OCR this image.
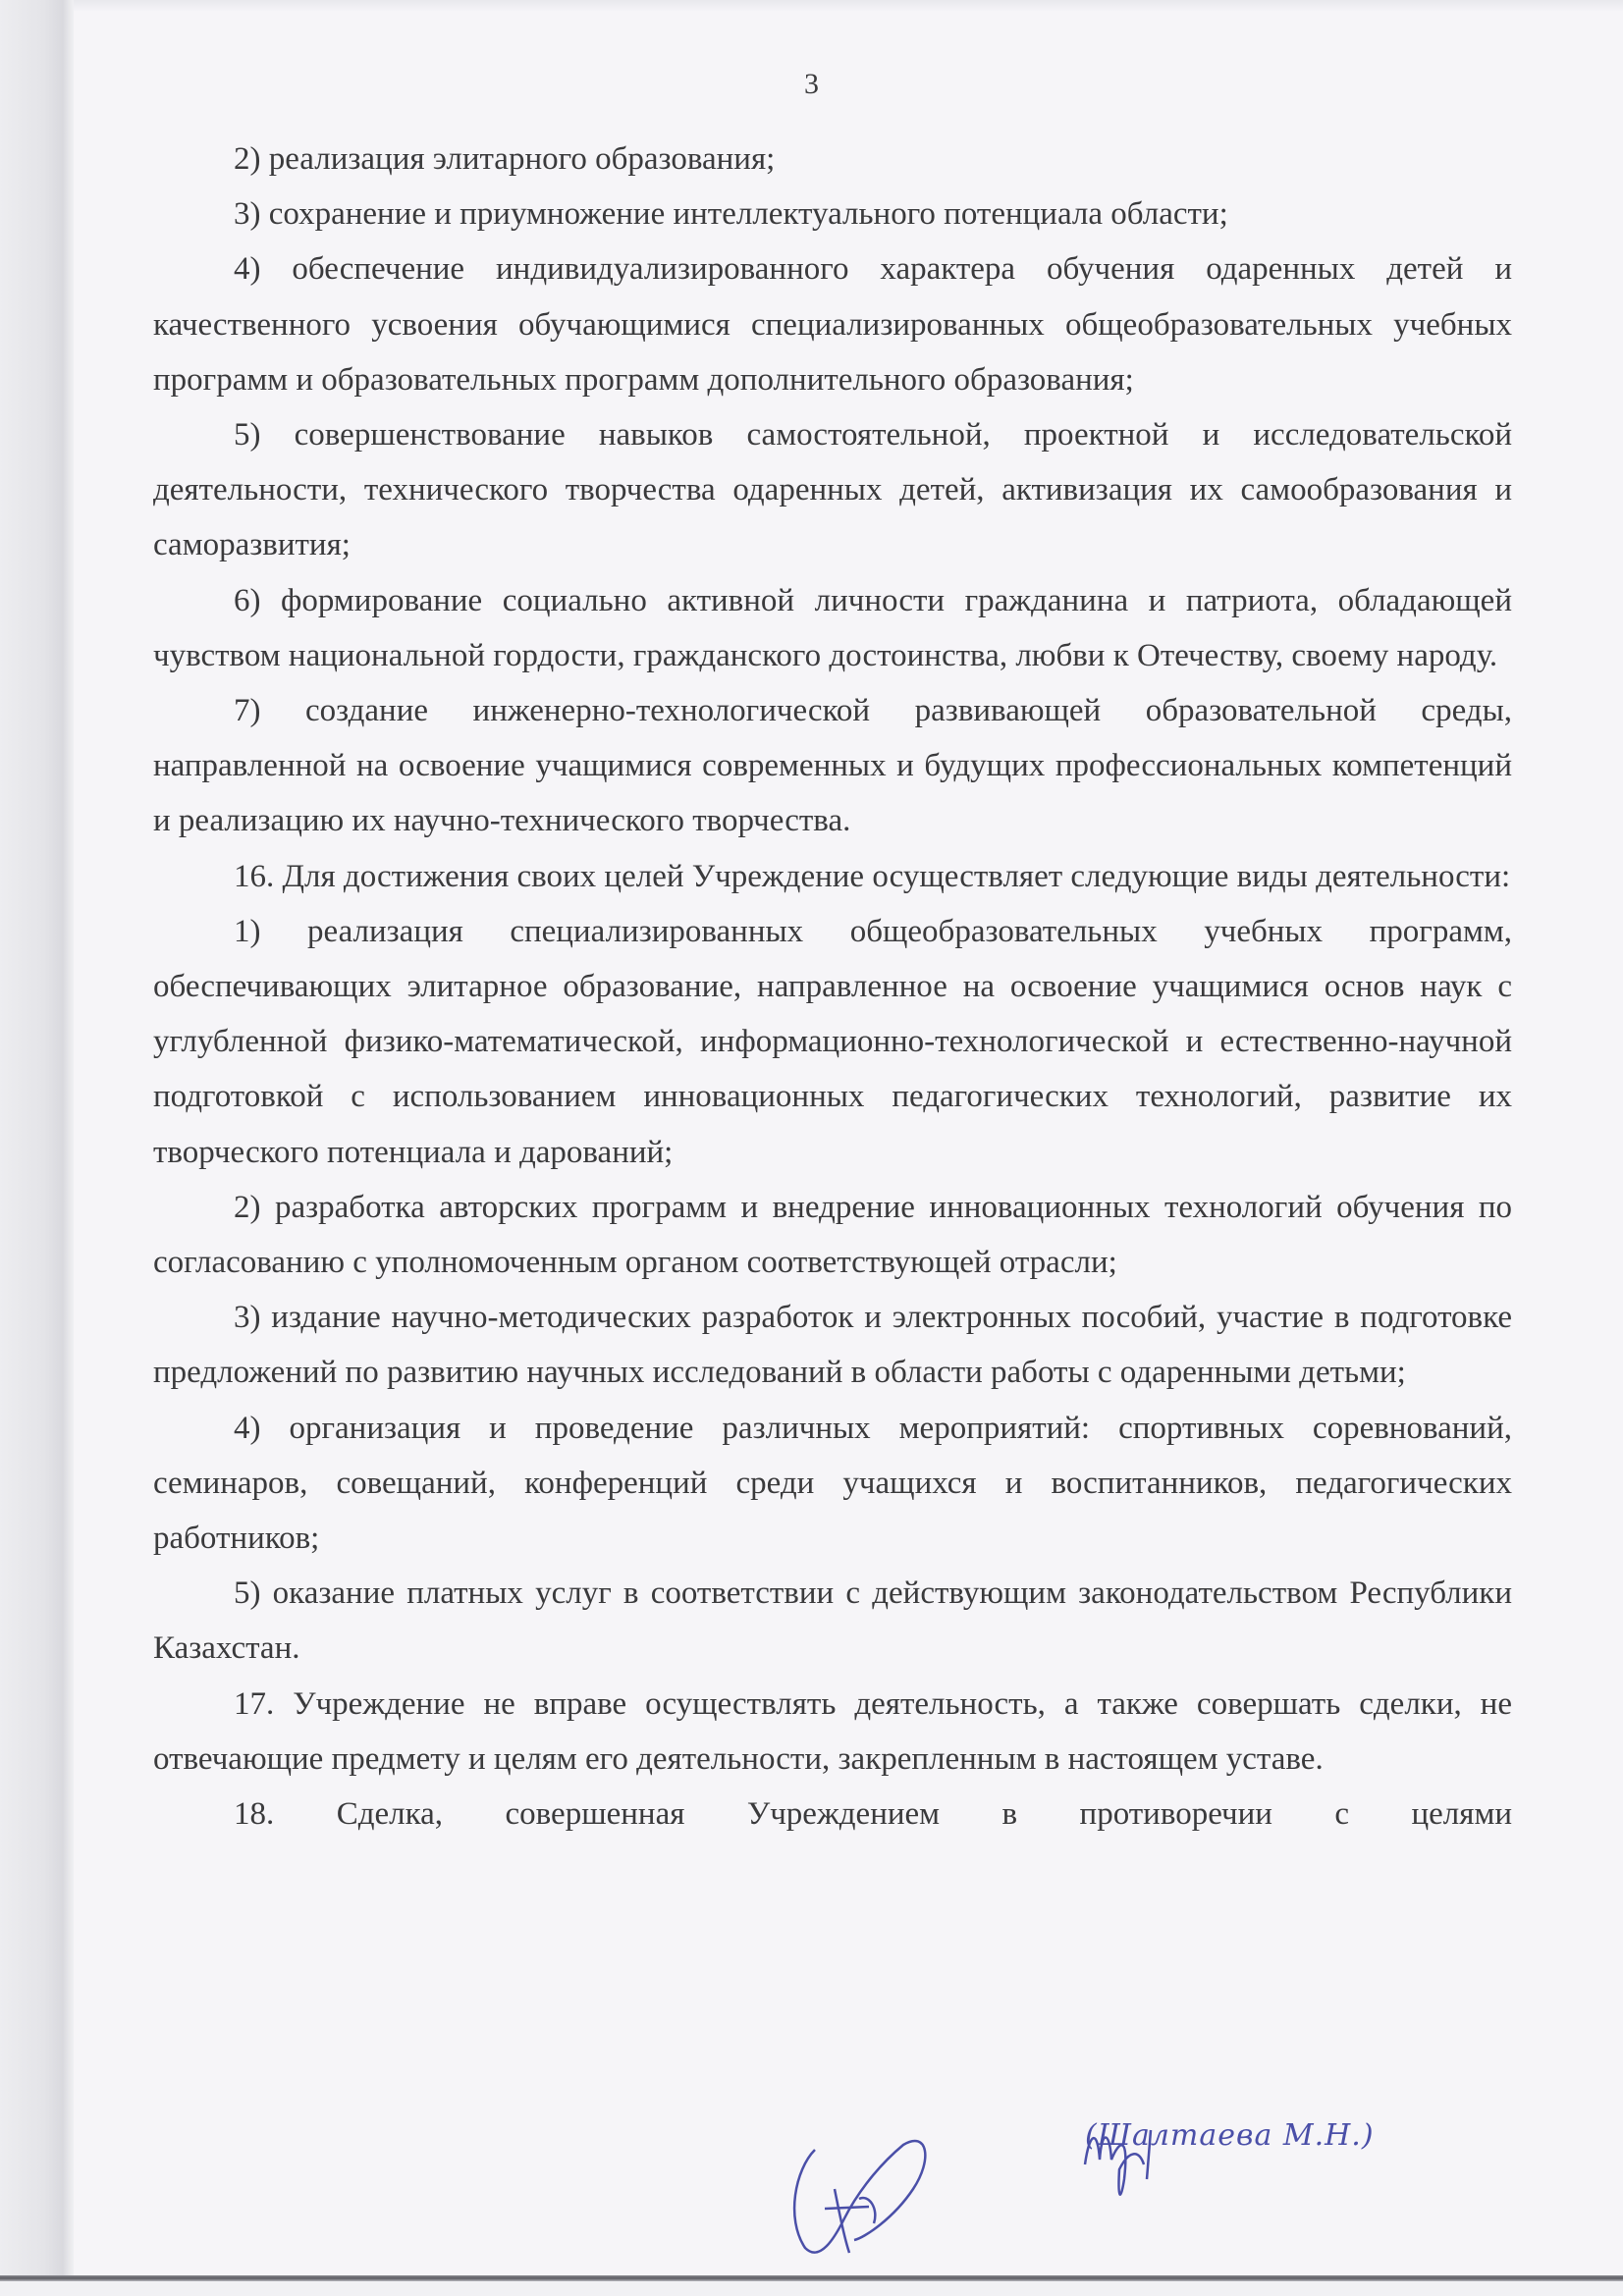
3

2) реализация элитарного образования;

3) сохранение и приумножение интеллектуального потенциала области;

4) обеспечение индивидуализированного характера обучения одаренных детей и качественного усвоения обучающимися специализированных общеобразовательных учебных программ и образовательных программ дополнительного образования;

5) совершенствование навыков самостоятельной, проектной и исследовательской деятельности, технического творчества одаренных детей, активизация их самообразования и саморазвития;

6) формирование социально активной личности гражданина и патриота, обладающей чувством национальной гордости, гражданского достоинства, любви к Отечеству, своему народу.

7) создание инженерно-технологической развивающей образовательной среды, направленной на освоение учащимися современных и будущих профессиональных компетенций и реализацию их научно-технического творчества.

16. Для достижения своих целей Учреждение осуществляет следующие виды деятельности:

1) реализация специализированных общеобразовательных учебных программ, обеспечивающих элитарное образование, направленное на освоение учащимися основ наук с углубленной физико-математической, информационно-технологической и естественно-научной подготовкой с использованием инновационных педагогических технологий, развитие их творческого потенциала и дарований;

2) разработка авторских программ и внедрение инновационных технологий обучения по согласованию с уполномоченным органом соответствующей отрасли;

3) издание научно-методических разработок и электронных пособий, участие в подготовке предложений по развитию научных исследований в области работы с одаренными детьми;

4) организация и проведение различных мероприятий: спортивных соревнований, семинаров, совещаний, конференций среди учащихся и воспитанников, педагогических работников;

5) оказание платных услуг в соответствии с действующим законодательством Республики Казахстан.

17. Учреждение не вправе осуществлять деятельность, а также совершать сделки, не отвечающие предмету и целям его деятельности, закрепленным в настоящем уставе.

18. Сделка, совершенная Учреждением в противоречии с целями

(Шалтаева М.Н.)
